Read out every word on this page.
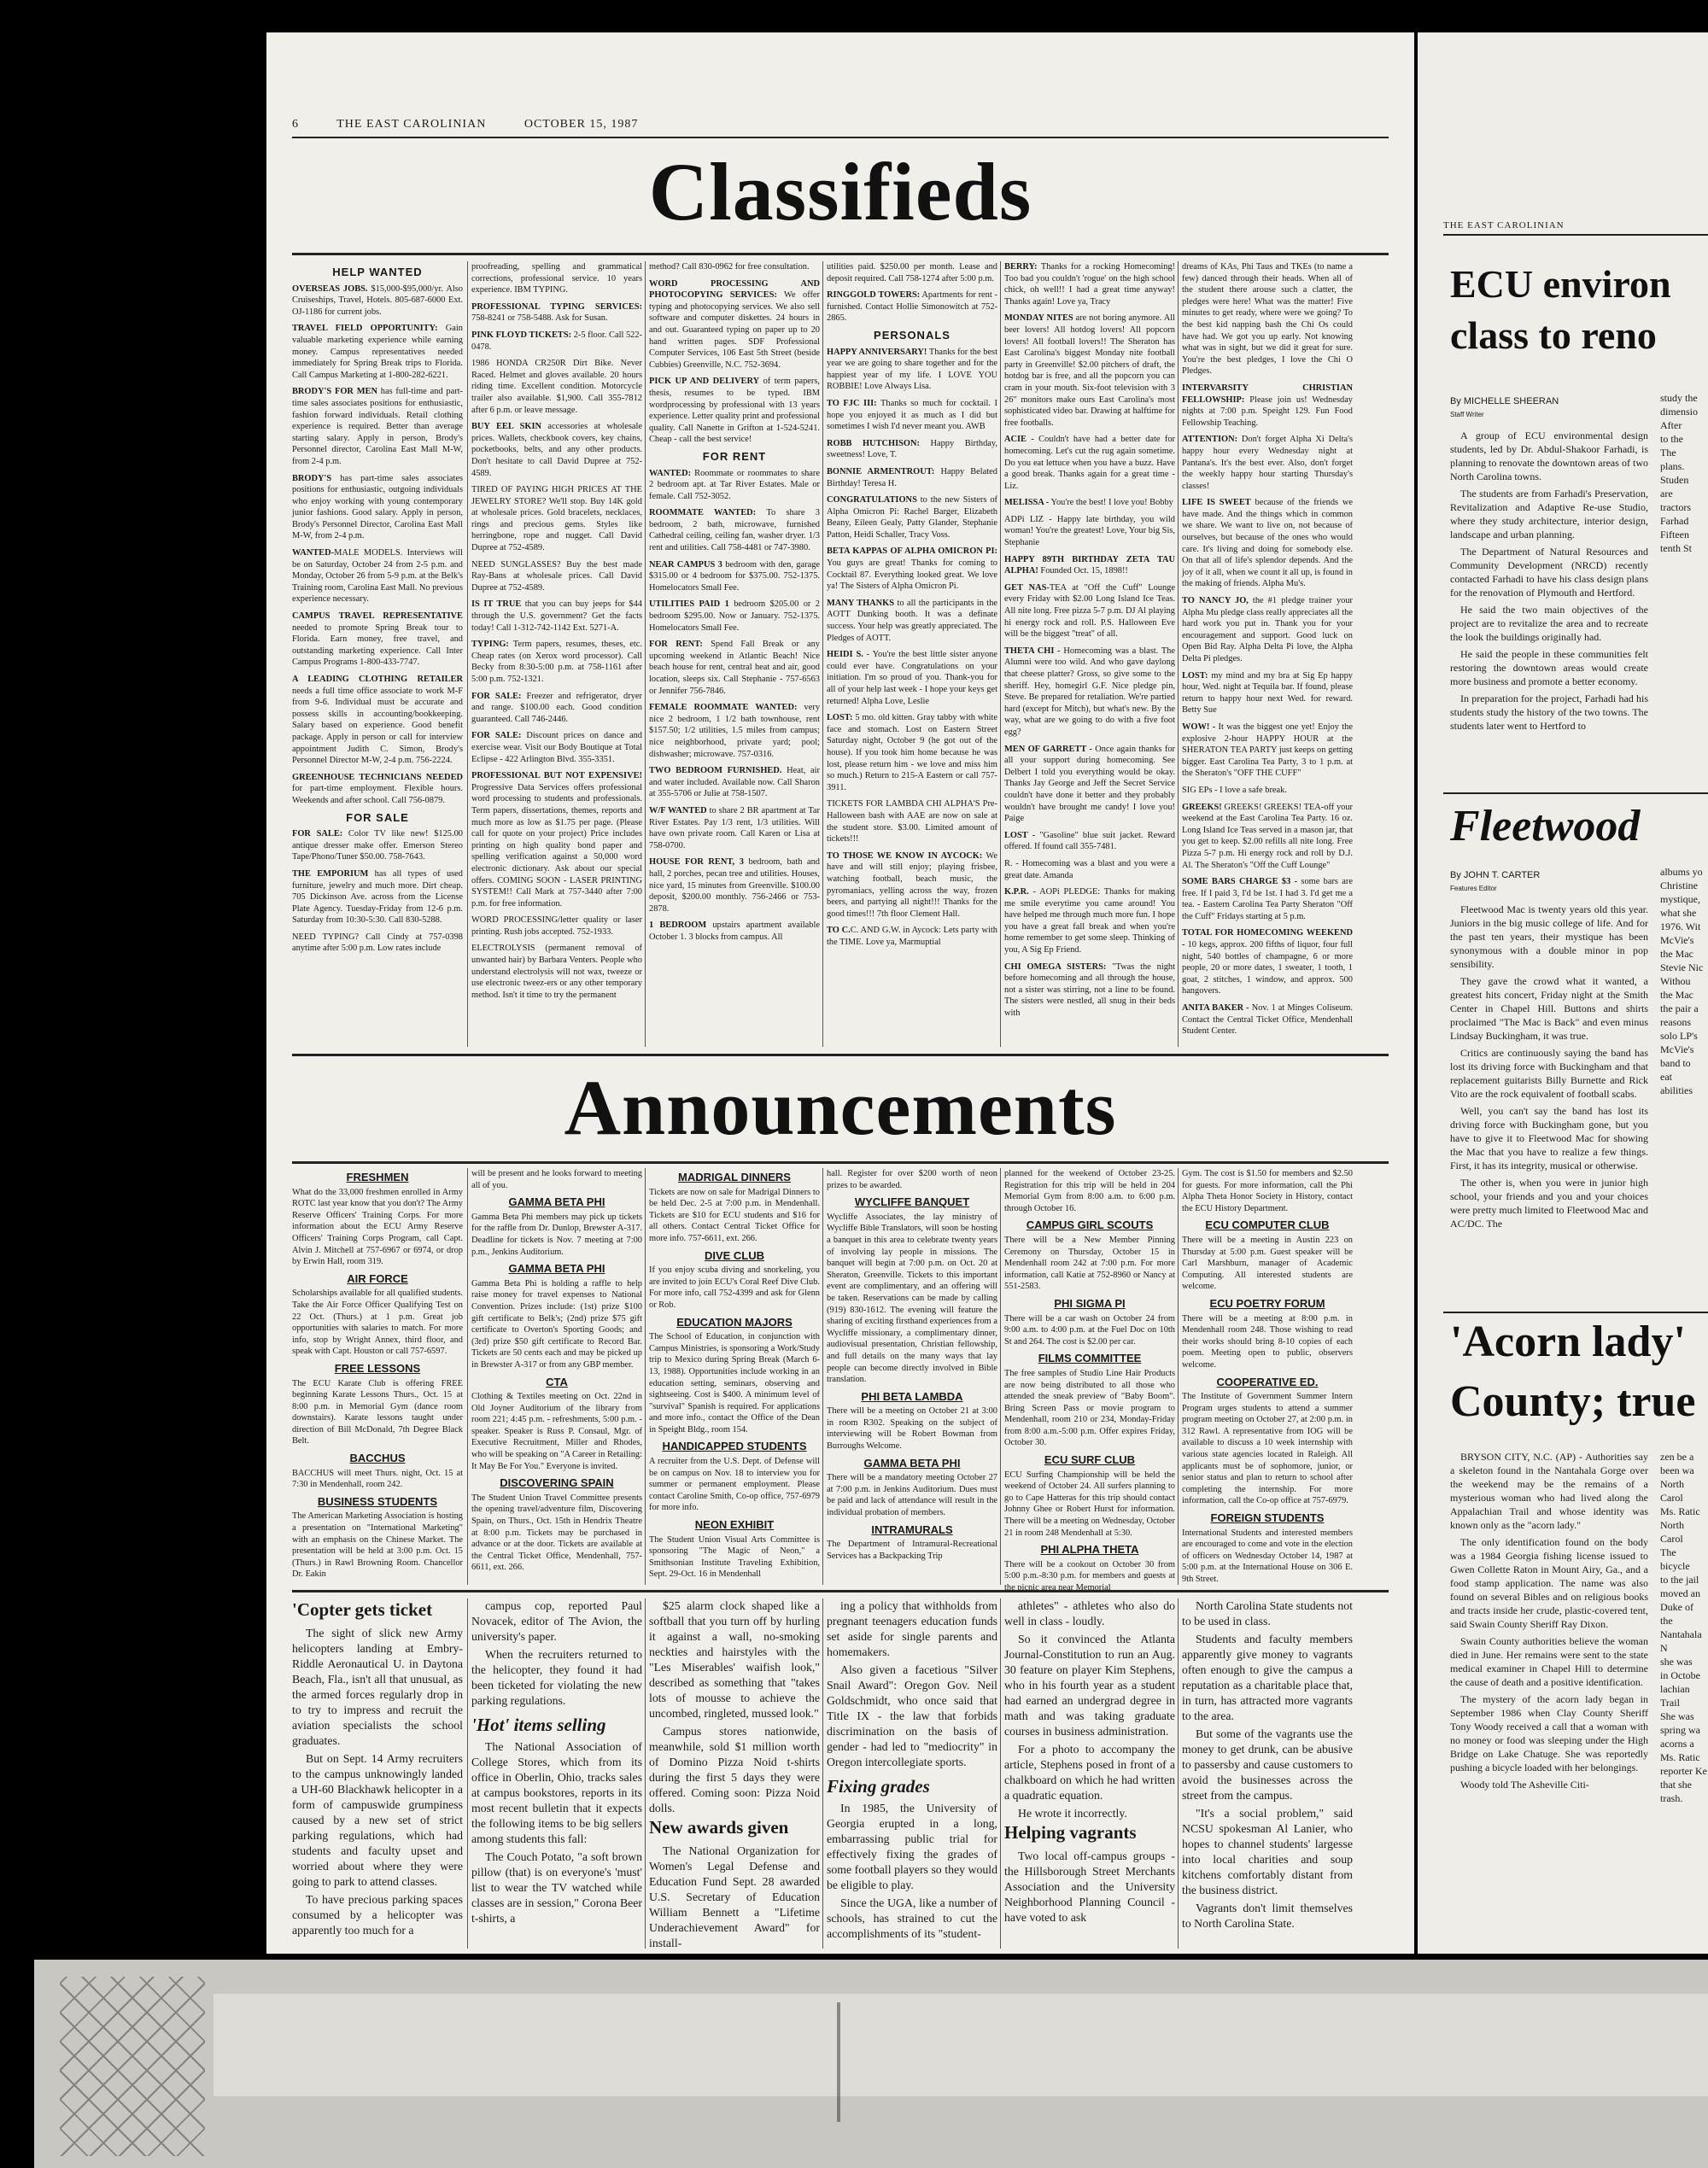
6	THE EAST CAROLINIAN	OCTOBER 15, 1987
Classifieds
HELP WANTED

OVERSEAS JOBS. $15,000-$95,000/yr. Also Cruiseships, Travel, Hotels. 805-687-6000 Ext. OJ-1186 for current jobs.

TRAVEL FIELD OPPORTUNITY: Gain valuable marketing experience while earning money. Campus representatives needed immediately for Spring Break trips to Florida. Call Campus Marketing at 1-800-282-6221.

BRODY'S FOR MEN has full-time and part-time sales associates positions for enthusiastic, fashion forward individuals. Retail clothing experience is required. Better than average starting salary. Apply in person, Brody's Personnel director, Carolina East Mall M-W, from 2-4 p.m.

BRODY'S has part-time sales associates positions for enthusiastic, outgoing individuals who enjoy working with young contemporary junior fashions. Good salary. Apply in person, Brody's Personnel Director, Carolina East Mall M-W, from 2-4 p.m.

WANTED-MALE MODELS. Interviews will be on Saturday, October 24 from 2-5 p.m. and Monday, October 26 from 5-9 p.m. at the Belk's Training room, Carolina East Mall. No previous experience necessary.

CAMPUS TRAVEL REPRESENTATIVE needed to promote Spring Break tour to Florida. Earn money, free travel, and outstanding marketing experience. Call Inter Campus Programs 1-800-433-7747.

A LEADING CLOTHING RETAILER needs a full time office associate to work M-F from 9-6. Individual must be accurate and possess skills in accounting/bookkeeping. Salary based on experience. Good benefit package. Apply in person or call for interview appointment Judith C. Simon, Brody's Personnel Director M-W, 2-4 p.m. 756-2224.

GREENHOUSE TECHNICIANS NEEDED for part-time employment. Flexible hours. Weekends and after school. Call 756-0879.

FOR SALE

FOR SALE: Color TV like new! $125.00 antique dresser make offer. Emerson Stereo Tape/Phono/Tuner $50.00. 758-7643.

THE EMPORIUM has all types of used furniture, jewelry and much more. Dirt cheap. 705 Dickinson Ave. across from the License Plate Agency. Tuesday-Friday from 12-6 p.m. Saturday from 10:30-5:30. Call 830-5288.

NEED TYPING? Call Cindy at 757-0398 anytime after 5:00 p.m. Low rates include

proofreading, spelling and grammatical corrections, professional service. 10 years experience. IBM TYPING.

PROFESSIONAL TYPING SERVICES: 758-8241 or 758-5488. Ask for Susan.

PINK FLOYD TICKETS: 2-5 floor. Call 522-0478.

1986 HONDA CR250R Dirt Bike. Never Raced. Helmet and gloves available. 20 hours riding time. Excellent condition. Motorcycle trailer also available. $1,900. Call 355-7812 after 6 p.m. or leave message.

BUY EEL SKIN accessories at wholesale prices. Wallets, checkbook covers, key chains, pocketbooks, belts, and any other products. Don't hesitate to call David Dupree at 752-4589.

TIRED OF PAYING HIGH PRICES AT THE JEWELRY STORE? We'll stop. Buy 14K gold at wholesale prices. Gold bracelets, necklaces, rings and precious gems. Styles like herringbone, rope and nugget. Call David Dupree at 752-4589.

NEED SUNGLASSES? Buy the best made Ray-Bans at wholesale prices. Call David Dupree at 752-4589.

IS IT TRUE that you can buy jeeps for $44 through the U.S. government? Get the facts today! Call 1-312-742-1142 Ext. 5271-A.

TYPING: Term papers, resumes, theses, etc. Cheap rates (on Xerox word processor). Call Becky from 8:30-5:00 p.m. at 758-1161 after 5:00 p.m. 752-1321.

FOR SALE: Freezer and refrigerator, dryer and range. $100.00 each. Good condition guaranteed. Call 746-2446.

FOR SALE: Discount prices on dance and exercise wear. Visit our Body Boutique at Total Eclipse - 422 Arlington Blvd. 355-3351.

PROFESSIONAL BUT NOT EXPENSIVE! Progressive Data Services offers professional word processing to students and professionals. Term papers, dissertations, themes, reports and much more as low as $1.75 per page. (Please call for quote on your project) Price includes printing on high quality bond paper and spelling verification against a 50,000 word electronic dictionary. Ask about our special offers. COMING SOON - LASER PRINTING SYSTEM!! Call Mark at 757-3440 after 7:00 p.m. for free information.

WORD PROCESSING/letter quality or laser printing. Rush jobs accepted. 752-1933.

ELECTROLYSIS (permanent removal of unwanted hair) by Barbara Venters. People who understand electrolysis will not wax, tweeze or use electronic tweez-ers or any other temporary method. Isn't it time to try the permanent

method? Call 830-0962 for free consultation.

WORD PROCESSING AND PHOTOCOPYING SERVICES: We offer typing and photocopying services. We also sell software and computer diskettes. 24 hours in and out. Guaranteed typing on paper up to 20 hand written pages. SDF Professional Computer Services, 106 East 5th Street (beside Cubbies) Greenville, N.C. 752-3694.

PICK UP AND DELIVERY of term papers, thesis, resumes to be typed. IBM wordprocessing by professional with 13 years experience. Letter quality print and professional quality. Call Nanette in Grifton at 1-524-5241. Cheap - call the best service!

FOR RENT

WANTED: Roommate or roommates to share 2 bedroom apt. at Tar River Estates. Male or female. Call 752-3052.

ROOMMATE WANTED: To share 3 bedroom, 2 bath, microwave, furnished Cathedral ceiling, ceiling fan, washer dryer. 1/3 rent and utilities. Call 758-4481 or 747-3980.

NEAR CAMPUS 3 bedroom with den, garage $315.00 or 4 bedroom for $375.00. 752-1375. Homelocators Small Fee.

UTILITIES PAID 1 bedroom $205.00 or 2 bedroom $295.00. Now or January. 752-1375. Homelocators Small Fee.

FOR RENT: Spend Fall Break or any upcoming weekend in Atlantic Beach! Nice beach house for rent, central heat and air, good location, sleeps six. Call Stephanie - 757-6563 or Jennifer 756-7846.

FEMALE ROOMMATE WANTED: very nice 2 bedroom, 1 1/2 bath townhouse, rent $157.50; 1/2 utilities, 1.5 miles from campus; nice neighborhood, private yard; pool; dishwasher; microwave. 757-0316.

TWO BEDROOM FURNISHED. Heat, air and water included. Available now. Call Sharon at 355-5706 or Julie at 758-1507.

W/F WANTED to share 2 BR apartment at Tar River Estates. Pay 1/3 rent, 1/3 utilities. Will have own private room. Call Karen or Lisa at 758-0700.

HOUSE FOR RENT, 3 bedroom, bath and hall, 2 porches, pecan tree and utilities. Houses, nice yard, 15 minutes from Greenville. $100.00 deposit, $200.00 monthly. 756-2466 or 753-2878.

1 BEDROOM upstairs apartment available October 1. 3 blocks from campus. All

utilities paid. $250.00 per month. Lease and deposit required. Call 758-1274 after 5:00 p.m.

RINGGOLD TOWERS: Apartments for rent - furnished. Contact Hollie Simonowitch at 752-2865.

PERSONALS

HAPPY ANNIVERSARY! Thanks for the best year we are going to share together and for the happiest year of my life. I LOVE YOU ROBBIE! Love Always Lisa.

TO FJC III: Thanks so much for cocktail. I hope you enjoyed it as much as I did but sometimes I wish I'd never meant you. AWB

ROBB HUTCHISON: Happy Birthday, sweetness! Love, T.

BONNIE ARMENTROUT: Happy Belated Birthday! Teresa H.

CONGRATULATIONS to the new Sisters of Alpha Omicron Pi: Rachel Barger, Elizabeth Beany, Eileen Gealy, Patty Glander, Stephanie Patton, Heidi Schaller, Tracy Voss.

BETA KAPPAS OF ALPHA OMICRON PI: You guys are great! Thanks for coming to Cocktail 87. Everything looked great. We love ya! The Sisters of Alpha Omicron Pi.

MANY THANKS to all the participants in the AOTT Dunking booth. It was a definate success. Your help was greatly appreciated. The Pledges of AOTT.

HEIDI S. - You're the best little sister anyone could ever have. Congratulations on your initiation. I'm so proud of you. Thank-you for all of your help last week - I hope your keys get returned! Alpha Love, Leslie

LOST: 5 mo. old kitten. Gray tabby with white face and stomach. Lost on Eastern Street Saturday night, October 9 (he got out of the house). If you took him home because he was lost, please return him - we love and miss him so much.) Return to 215-A Eastern or call 757-3911.

TICKETS FOR LAMBDA CHI ALPHA'S Pre-Halloween bash with AAE are now on sale at the student store. $3.00. Limited amount of tickets!!!

TO THOSE WE KNOW IN AYCOCK: We have and will still enjoy; playing frisbee, watching football, beach music, the pyromaniacs, yelling across the way, frozen beers, and partying all night!!! Thanks for the good times!!! 7th floor Clement Hall.

TO C.C. AND G.W. in Aycock: Lets party with the TIME. Love ya, Marmuptial

BERRY: Thanks for a rocking Homecoming! Too bad you couldn't 'rogue' on the high school chick, oh well!! I had a great time anyway! Thanks again! Love ya, Tracy

MONDAY NITES are not boring anymore. All beer lovers! All hotdog lovers! All popcorn lovers! All football lovers!! The Sheraton has East Carolina's biggest Monday nite football party in Greenville! $2.00 pitchers of draft, the hotdog bar is free, and all the popcorn you can cram in your mouth. Six-foot television with 3 26" monitors make ours East Carolina's most sophisticated video bar. Drawing at halftime for free footballs.

ACIE - Couldn't have had a better date for homecoming. Let's cut the rug again sometime. Do you eat lettuce when you have a buzz. Have a good break. Thanks again for a great time - Liz.

MELISSA - You're the best! I love you! Bobby

ADPi LIZ - Happy late birthday, you wild woman! You're the greatest! Love, Your big Sis, Stephanie

HAPPY 89TH BIRTHDAY ZETA TAU ALPHA! Founded Oct. 15, 1898!!

GET NAS-TEA at "Off the Cuff" Lounge every Friday with $2.00 Long Island Ice Teas. All nite long. Free pizza 5-7 p.m. DJ Al playing hi energy rock and roll. P.S. Halloween Eve will be the biggest "treat" of all.

THETA CHI - Homecoming was a blast. The Alumni were too wild. And who gave daylong that cheese platter? Gross, so give some to the sheriff. Hey, homegirl G.F. Nice pledge pin, Steve. Be prepared for retaliation. We're partied hard (except for Mitch), but what's new. By the way, what are we going to do with a five foot egg?

MEN OF GARRETT - Once again thanks for all your support during homecoming. See Delbert I told you everything would be okay. Thanks Jay George and Jeff the Secret Service couldn't have done it better and they probably wouldn't have brought me candy! I love you! Paige

LOST - "Gasoline" blue suit jacket. Reward offered. If found call 355-7481.

R. - Homecoming was a blast and you were a great date. Amanda

K.P.R. - AOPi PLEDGE: Thanks for making me smile everytime you came around! You have helped me through much more fun. I hope you have a great fall break and when you're home remember to get some sleep. Thinking of you, A Sig Ep Friend.

CHI OMEGA SISTERS: "Twas the night before homecoming and all through the house, not a sister was stirring, not a line to be found. The sisters were nestled, all snug in their beds with

dreams of KAs, Phi Taus and TKEs (to name a few) danced through their heads. When all of the student there arouse such a clatter, the pledges were here! What was the matter! Five minutes to get ready, where were we going? To the best kid napping bash the Chi Os could have had. We got you up early. Not knowing what was in sight, but we did it great for sure. You're the best pledges, I love the Chi O Pledges.

INTERVARSITY CHRISTIAN FELLOWSHIP: Please join us! Wednesday nights at 7:00 p.m. Speight 129. Fun Food Fellowship Teaching.

ATTENTION: Don't forget Alpha Xi Delta's happy hour every Wednesday night at Pantana's. It's the best ever. Also, don't forget the weekly happy hour starting Thursday's classes!

LIFE IS SWEET because of the friends we have made. And the things which in common we share. We want to live on, not because of ourselves, but because of the ones who would care. It's living and doing for somebody else. On that all of life's splendor depends. And the joy of it all, when we count it all up, is found in the making of friends. Alpha Mu's.

TO NANCY JO, the #1 pledge trainer your Alpha Mu pledge class really appreciates all the hard work you put in. Thank you for your encouragement and support. Good luck on Open Bid Ray. Alpha Delta Pi love, the Alpha Delta Pi pledges.

LOST: my mind and my bra at Sig Ep happy hour, Wed. night at Tequila bar. If found, please return to happy hour next Wed. for reward. Betty Sue

WOW! - It was the biggest one yet! Enjoy the explosive 2-hour HAPPY HOUR at the SHERATON TEA PARTY just keeps on getting bigger. East Carolina Tea Party, 3 to 1 p.m. at the Sheraton's "OFF THE CUFF"

SIG EPs - I love a safe break.

GREEKS! GREEKS! GREEKS! TEA-off your weekend at the East Carolina Tea Party. 16 oz. Long Island Ice Teas served in a mason jar, that you get to keep. $2.00 refills all nite long. Free Pizza 5-7 p.m. Hi energy rock and roll by D.J. Al. The Sheraton's "Off the Cuff Lounge"

SOME BARS CHARGE $3 - some bars are free. If I paid 3, I'd be 1st. I had 3. I'd get me a tea. - Eastern Carolina Tea Party Sheraton "Off the Cuff" Fridays starting at 5 p.m.

TOTAL FOR HOMECOMING WEEKEND - 10 kegs, approx. 200 fifths of liquor, four full night, 540 bottles of champagne, 6 or more people, 20 or more dates, 1 sweater, 1 tooth, 1 goat, 2 stitches, 1 window, and approx. 500 hangovers.

ANITA BAKER - Nov. 1 at Minges Coliseum. Contact the Central Ticket Office, Mendenhall Student Center.

Announcements
FRESHMEN

What do the 33,000 freshmen enrolled in Army ROTC last year know that you don't? The Army Reserve Officers' Training Corps. For more information about the ECU Army Reserve Officers' Training Corps Program, call Capt. Alvin J. Mitchell at 757-6967 or 6974, or drop by Erwin Hall, room 319.

AIR FORCE

Scholarships available for all qualified students. Take the Air Force Officer Qualifying Test on 22 Oct. (Thurs.) at 1 p.m. Great job opportunities with salaries to match. For more info, stop by Wright Annex, third floor, and speak with Capt. Houston or call 757-6597.

FREE LESSONS

The ECU Karate Club is offering FREE beginning Karate Lessons Thurs., Oct. 15 at 8:00 p.m. in Memorial Gym (dance room downstairs). Karate lessons taught under direction of Bill McDonald, 7th Degree Black Belt.

BACCHUS

BACCHUS will meet Thurs. night, Oct. 15 at 7:30 in Mendenhall, room 242.

BUSINESS STUDENTS

The American Marketing Association is hosting a presentation on "International Marketing" with an emphasis on the Chinese Market. The presentation will be held at 3:00 p.m. Oct. 15 (Thurs.) in Rawl Browning Room. Chancellor Dr. Eakin

will be present and he looks forward to meeting all of you.

GAMMA BETA PHI

Gamma Beta Phi members may pick up tickets for the raffle from Dr. Dunlop, Brewster A-317. Deadline for tickets is Nov. 7 meeting at 7:00 p.m., Jenkins Auditorium.

GAMMA BETA PHI

Gamma Beta Phi is holding a raffle to help raise money for travel expenses to National Convention. Prizes include: (1st) prize $100 gift certificate to Belk's; (2nd) prize $75 gift certificate to Overton's Sporting Goods; and (3rd) prize $50 gift certificate to Record Bar. Tickets are 50 cents each and may be picked up in Brewster A-317 or from any GBP member.

CTA

Clothing & Textiles meeting on Oct. 22nd in Old Joyner Auditorium of the library from room 221; 4:45 p.m. - refreshments, 5:00 p.m. - speaker. Speaker is Russ P. Consaul, Mgr. of Executive Recruitment, Miller and Rhodes, who will be speaking on "A Career in Retailing: It May Be For You." Everyone is invited.

DISCOVERING SPAIN

The Student Union Travel Committee presents the opening travel/adventure film, Discovering Spain, on Thurs., Oct. 15th in Hendrix Theatre at 8:00 p.m. Tickets may be purchased in advance or at the door. Tickets are available at the Central Ticket Office, Mendenhall, 757-6611, ext. 266.

MADRIGAL DINNERS

Tickets are now on sale for Madrigal Dinners to be held Dec. 2-5 at 7:00 p.m. in Mendenhall. Tickets are $10 for ECU students and $16 for all others. Contact Central Ticket Office for more info. 757-6611, ext. 266.

DIVE CLUB

If you enjoy scuba diving and snorkeling, you are invited to join ECU's Coral Reef Dive Club. For more info, call 752-4399 and ask for Glenn or Rob.

EDUCATION MAJORS

The School of Education, in conjunction with Campus Ministries, is sponsoring a Work/Study trip to Mexico during Spring Break (March 6-13, 1988). Opportunities include working in an education setting, seminars, observing and sightseeing. Cost is $400. A minimum level of "survival" Spanish is required. For applications and more info., contact the Office of the Dean in Speight Bldg., room 154.

HANDICAPPED STUDENTS

A recruiter from the U.S. Dept. of Defense will be on campus on Nov. 18 to interview you for summer or permanent employment. Please contact Caroline Smith, Co-op office, 757-6979 for more info.

NEON EXHIBIT

The Student Union Visual Arts Committee is sponsoring "The Magic of Neon," a Smithsonian Institute Traveling Exhibition, Sept. 29-Oct. 16 in Mendenhall

hall. Register for over $200 worth of neon prizes to be awarded.

WYCLIFFE BANQUET

Wycliffe Associates, the lay ministry of Wycliffe Bible Translators, will soon be hosting a banquet in this area to celebrate twenty years of involving lay people in missions. The banquet will begin at 7:00 p.m. on Oct. 20 at Sheraton, Greenville. Tickets to this important event are complimentary, and an offering will be taken. Reservations can be made by calling (919) 830-1612. The evening will feature the sharing of exciting firsthand experiences from a Wycliffe missionary, a complimentary dinner, audiovisual presentation, Christian fellowship, and full details on the many ways that lay people can become directly involved in Bible translation.

PHI BETA LAMBDA

There will be a meeting on October 21 at 3:00 in room R302. Speaking on the subject of interviewing will be Robert Bowman from Burroughs Welcome.

GAMMA BETA PHI

There will be a mandatory meeting October 27 at 7:00 p.m. in Jenkins Auditorium. Dues must be paid and lack of attendance will result in the individual probation of members.

INTRAMURALS

The Department of Intramural-Recreational Services has a Backpacking Trip

planned for the weekend of October 23-25. Registration for this trip will be held in 204 Memorial Gym from 8:00 a.m. to 6:00 p.m. through October 16.

CAMPUS GIRL SCOUTS

There will be a New Member Pinning Ceremony on Thursday, October 15 in Mendenhall room 242 at 7:00 p.m. For more information, call Katie at 752-8960 or Nancy at 551-2583.

PHI SIGMA PI

There will be a car wash on October 24 from 9:00 a.m. to 4:00 p.m. at the Fuel Doc on 10th St and 264. The cost is $2.00 per car.

FILMS COMMITTEE

The free samples of Studio Line Hair Products are now being distributed to all those who attended the sneak preview of "Baby Boom". Bring Screen Pass or movie program to Mendenhall, room 210 or 234, Monday-Friday from 8:00 a.m.-5:00 p.m. Offer expires Friday, October 30.

ECU SURF CLUB

ECU Surfing Championship will be held the weekend of October 24. All surfers planning to go to Cape Hatteras for this trip should contact Johnny Ghee or Robert Hurst for information. There will be a meeting on Wednesday, October 21 in room 248 Mendenhall at 5:30.

PHI ALPHA THETA

There will be a cookout on October 30 from 5:00 p.m.-8:30 p.m. for members and guests at the picnic area near Memorial

Gym. The cost is $1.50 for members and $2.50 for guests. For more information, call the Phi Alpha Theta Honor Society in History, contact the ECU History Department.

ECU COMPUTER CLUB

There will be a meeting in Austin 223 on Thursday at 5:00 p.m. Guest speaker will be Carl Marshburn, manager of Academic Computing. All interested students are welcome.

ECU POETRY FORUM

There will be a meeting at 8:00 p.m. in Mendenhall room 248. Those wishing to read their works should bring 8-10 copies of each poem. Meeting open to public, observers welcome.

COOPERATIVE ED.

The Institute of Government Summer Intern Program urges students to attend a summer program meeting on October 27, at 2:00 p.m. in 312 Rawl. A representative from IOG will be available to discuss a 10 week internship with various state agencies located in Raleigh. All applicants must be of sophomore, junior, or senior status and plan to return to school after completing the internship. For more information, call the Co-op office at 757-6979.

FOREIGN STUDENTS

International Students and interested members are encouraged to come and vote in the election of officers on Wednesday October 14, 1987 at 5:00 p.m. at the International House on 306 E. 9th Street.

'Copter gets ticket

The sight of slick new Army helicopters landing at Embry-Riddle Aeronautical U. in Daytona Beach, Fla., isn't all that unusual, as the armed forces regularly drop in to try to impress and recruit the aviation specialists the school graduates.

But on Sept. 14 Army recruiters to the campus unknowingly landed a UH-60 Blackhawk helicopter in a form of campuswide grumpiness caused by a new set of strict parking regulations, which had students and faculty upset and worried about where they were going to park to attend classes.

To have precious parking spaces consumed by a helicopter was apparently too much for a

campus cop, reported Paul Novacek, editor of The Avion, the university's paper.

When the recruiters returned to the helicopter, they found it had been ticketed for violating the new parking regulations.

'Hot' items selling

The National Association of College Stores, which from its office in Oberlin, Ohio, tracks sales at campus bookstores, reports in its most recent bulletin that it expects the following items to be big sellers among students this fall:

The Couch Potato, "a soft brown pillow (that) is on everyone's 'must' list to wear the TV watched while classes are in session," Corona Beer t-shirts, a

$25 alarm clock shaped like a softball that you turn off by hurling it against a wall, no-smoking neckties and hairstyles with the "Les Miserables' waifish look," described as something that "takes lots of mousse to achieve the uncombed, ringleted, mussed look."

Campus stores nationwide, meanwhile, sold $1 million worth of Domino Pizza Noid t-shirts during the first 5 days they were offered. Coming soon: Pizza Noid dolls.

New awards given

The National Organization for Women's Legal Defense and Education Fund Sept. 28 awarded U.S. Secretary of Education William Bennett a "Lifetime Underachievement Award" for install-

ing a policy that withholds from pregnant teenagers education funds set aside for single parents and homemakers.

Also given a facetious "Silver Snail Award": Oregon Gov. Neil Goldschmidt, who once said that Title IX - the law that forbids discrimination on the basis of gender - had led to "mediocrity" in Oregon intercollegiate sports.

Fixing grades

In 1985, the University of Georgia erupted in a long, embarrassing public trial for effectively fixing the grades of some football players so they would be eligible to play.

Since the UGA, like a number of schools, has strained to cut the accomplishments of its "student-

athletes" - athletes who also do well in class - loudly.

So it convinced the Atlanta Journal-Constitution to run an Aug. 30 feature on player Kim Stephens, who in his fourth year as a student had earned an undergrad degree in math and was taking graduate courses in business administration.

For a photo to accompany the article, Stephens posed in front of a chalkboard on which he had written a quadratic equation.

He wrote it incorrectly.

Helping vagrants

Two local off-campus groups - the Hillsborough Street Merchants Association and the University Neighborhood Planning Council - have voted to ask

North Carolina State students not to be used in class.

Students and faculty members apparently give money to vagrants often enough to give the campus a reputation as a charitable place that, in turn, has attracted more vagrants to the area.

But some of the vagrants use the money to get drunk, can be abusive to passersby and cause customers to avoid the businesses across the street from the campus.

"It's a social problem," said NCSU spokesman Al Lanier, who hopes to channel students' largesse into local charities and soup kitchens comfortably distant from the business district.

Vagrants don't limit themselves to North Carolina State.

THE EAST CAROLINIAN
ECU environ
class to reno
By MICHELLE SHEERAN
Staff Writer

A group of ECU environmental design students, led by Dr. Abdul-Shakoor Farhadi, is planning to renovate the downtown areas of two North Carolina towns.

The students are from Farhadi's Preservation, Revitalization and Adaptive Re-use Studio, where they study architecture, interior design, landscape and urban planning.

The Department of Natural Resources and Community Development (NRCD) recently contacted Farhadi to have his class design plans for the renovation of Plymouth and Hertford.

He said the two main objectives of the project are to revitalize the area and to recreate the look the buildings originally had.

He said the people in these communities felt restoring the downtown areas would create more business and promote a better economy.

In preparation for the project, Farhadi had his students study the history of the two towns. The students later went to Hertford to

study the
dimensio
After
to the
The
plans.
Studen
are
tractors
Farhad
Fifteen
tenth St
Fleetwood
By JOHN T. CARTER
Features Editor

Fleetwood Mac is twenty years old this year. Juniors in the big music college of life. And for the past ten years, their mystique has been synonymous with a double minor in pop sensibility.

They gave the crowd what it wanted, a greatest hits concert, Friday night at the Smith Center in Chapel Hill. Buttons and shirts proclaimed "The Mac is Back" and even minus Lindsay Buckingham, it was true.

Critics are continuously saying the band has lost its driving force with Buckingham and that replacement guitarists Billy Burnette and Rick Vito are the rock equivalent of football scabs.

Well, you can't say the band has lost its driving force with Buckingham gone, but you have to give it to Fleetwood Mac for showing the Mac that you have to realize a few things. First, it has its integrity, musical or otherwise.

The other is, when you were in junior high school, your friends and you and your choices were pretty much limited to Fleetwood Mac and AC/DC. The

albums yo
Christine
mystique,
what she
1976. Wit
McVie's
the Mac
Stevie Nic
Withou
the Mac
the pair a
reasons
solo LP's
McVie's
band to
eat
abilities
'Acorn lady'
County; true

BRYSON CITY, N.C. (AP) - Authorities say a skeleton found in the Nantahala Gorge over the weekend may be the remains of a mysterious woman who had lived along the Appalachian Trail and whose identity was known only as the "acorn lady."

The only identification found on the body was a 1984 Georgia fishing license issued to Gwen Collette Raton in Mount Airy, Ga., and a food stamp application. The name was also found on several Bibles and on religious books and tracts inside her crude, plastic-covered tent, said Swain County Sheriff Ray Dixon.

Swain County authorities believe the woman died in June. Her remains were sent to the state medical examiner in Chapel Hill to determine the cause of death and a positive identification.

The mystery of the acorn lady began in September 1986 when Clay County Sheriff Tony Woody received a call that a woman with no money or food was sleeping under the High Bridge on Lake Chatuge. She was reportedly pushing a bicycle loaded with her belongings.

Woody told The Asheville Citi-

zen be a
been wa
North Carol
Ms. Ratic
North Carol
The bicycle
to the jail
moved an
Duke of the
Nantahala N
she was
in Octobe
lachian Trail
She was
spring wa
acorns a
Ms. Ratic
reporter Ke
that she
trash.
